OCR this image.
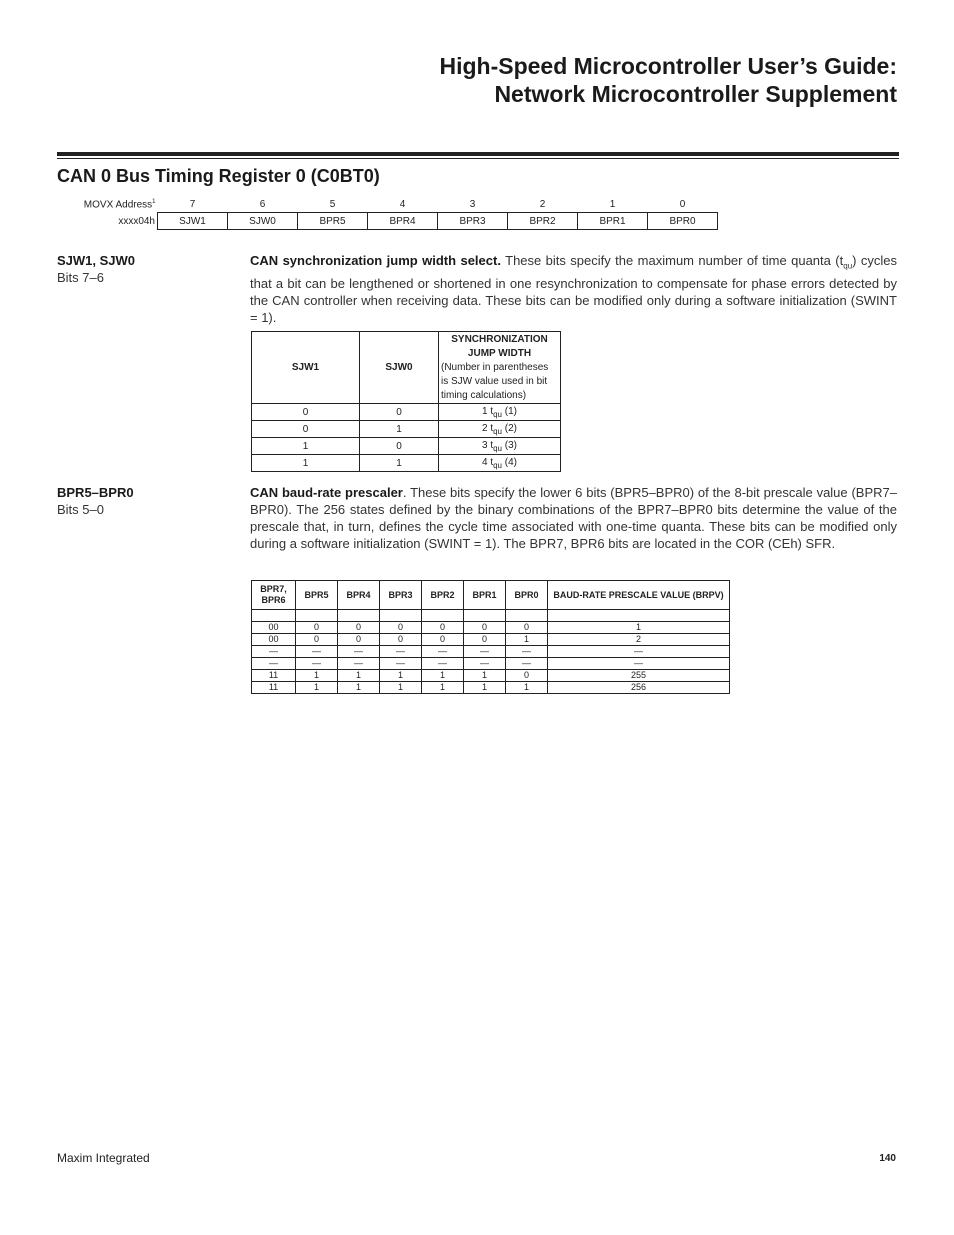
High-Speed Microcontroller User’s Guide: Network Microcontroller Supplement
CAN 0 Bus Timing Register 0 (C0BT0)
MOVX Address$^1$	7	6	5	4	3	2	1	0
xxxx04h	SJW1	SJW0	BPR5	BPR4	BPR3	BPR2	BPR1	BPR0
SJW1, SJW0
Bits 7–6

CAN synchronization jump width select. These bits specify the maximum number of time quanta $(t_{qu})$ cycles that a bit can be lengthened or shortened in one resynchronization to compensate for phase errors detected by the CAN controller when receiving data. These bits can be modified only during a software initialization (SWINT = 1).

SJW1	SJW0	SYNCHRONIZATION JUMP WIDTH
(Number in parentheses is SJW value used in bit timing calculations)
0	0	1 $t_{qu}$ (1)
0	1	2 $t_{qu}$ (2)
1	0	3 $t_{qu}$ (3)
1	1	4 $t_{qu}$ (4)
BPR5–BPR0
Bits 5–0

CAN baud-rate prescaler. These bits specify the lower 6 bits (BPR5–BPR0) of the 8-bit prescale value (BPR7–BPR0). The 256 states defined by the binary combinations of the BPR7–BPR0 bits determine the value of the prescale that, in turn, defines the cycle time associated with one-time quanta. These bits can be modified only during a software initialization (SWINT = 1). The BPR7, BPR6 bits are located in the COR (CEh) SFR.

BPR7, BPR6	BPR5	BPR4	BPR3	BPR2	BPR1	BPR0	BAUD-RATE PRESCALE VALUE (BRPV)

00	0	0	0	0	0	0	1
00	0	0	0	0	0	1	2
—	—	—	—	—	—	—	—
—	—	—	—	—	—	—	—
11	1	1	1	1	1	0	255
11	1	1	1	1	1	1	256
Maxim Integrated	140
